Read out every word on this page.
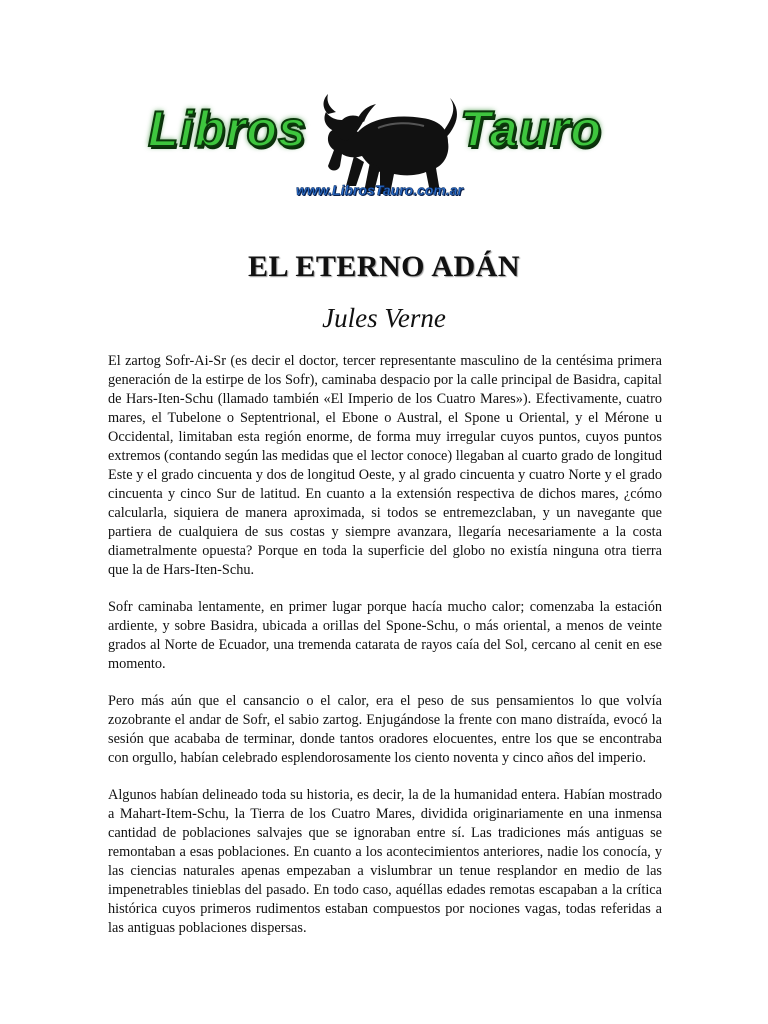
Libros	Tauro
www.LibrosTauro.com.ar
EL ETERNO ADÁN
Jules Verne

El zartog Sofr-Ai-Sr (es decir el doctor, tercer representante masculino de la centésima primera generación de la estirpe de los Sofr), caminaba despacio por la calle principal de Basidra, capital de Hars-Iten-Schu (llamado también «El Imperio de los Cuatro Mares»). Efectivamente, cuatro mares, el Tubelone o Septentrional, el Ebone o Austral, el Spone u Oriental, y el Mérone u Occidental, limitaban esta región enorme, de forma muy irregular cuyos puntos, cuyos puntos extremos (contando según las medidas que el lector conoce) llegaban al cuarto grado de longitud Este y el grado cincuenta y dos de longitud Oeste, y al grado cincuenta y cuatro Norte y el grado cincuenta y cinco Sur de latitud. En cuanto a la extensión respectiva de dichos mares, ¿cómo calcularla, siquiera de manera aproximada, si todos se entremezclaban, y un navegante que partiera de cualquiera de sus costas y siempre avanzara, llegaría necesariamente a la costa diametralmente opuesta? Porque en toda la superficie del globo no existía ninguna otra tierra que la de Hars-Iten-Schu.

Sofr caminaba lentamente, en primer lugar porque hacía mucho calor; comenzaba la estación ardiente, y sobre Basidra, ubicada a orillas del Spone-Schu, o más oriental, a menos de veinte grados al Norte de Ecuador, una tremenda catarata de rayos caía del Sol, cercano al cenit en ese momento.

Pero más aún que el cansancio o el calor, era el peso de sus pensamientos lo que volvía zozobrante el andar de Sofr, el sabio zartog. Enjugándose la frente con mano distraída, evocó la sesión que acababa de terminar, donde tantos oradores elocuentes, entre los que se encontraba con orgullo, habían celebrado esplendorosamente los ciento noventa y cinco años del imperio.

Algunos habían delineado toda su historia, es decir, la de la humanidad entera. Habían mostrado a Mahart-Item-Schu, la Tierra de los Cuatro Mares, dividida originariamente en una inmensa cantidad de poblaciones salvajes que se ignoraban entre sí. Las tradiciones más antiguas se remontaban a esas poblaciones. En cuanto a los acontecimientos anteriores, nadie los conocía, y las ciencias naturales apenas empezaban a vislumbrar un tenue resplandor en medio de las impenetrables tinieblas del pasado. En todo caso, aquéllas edades remotas escapaban a la crítica histórica cuyos primeros rudimentos estaban compuestos por nociones vagas, todas referidas a las antiguas poblaciones dispersas.
